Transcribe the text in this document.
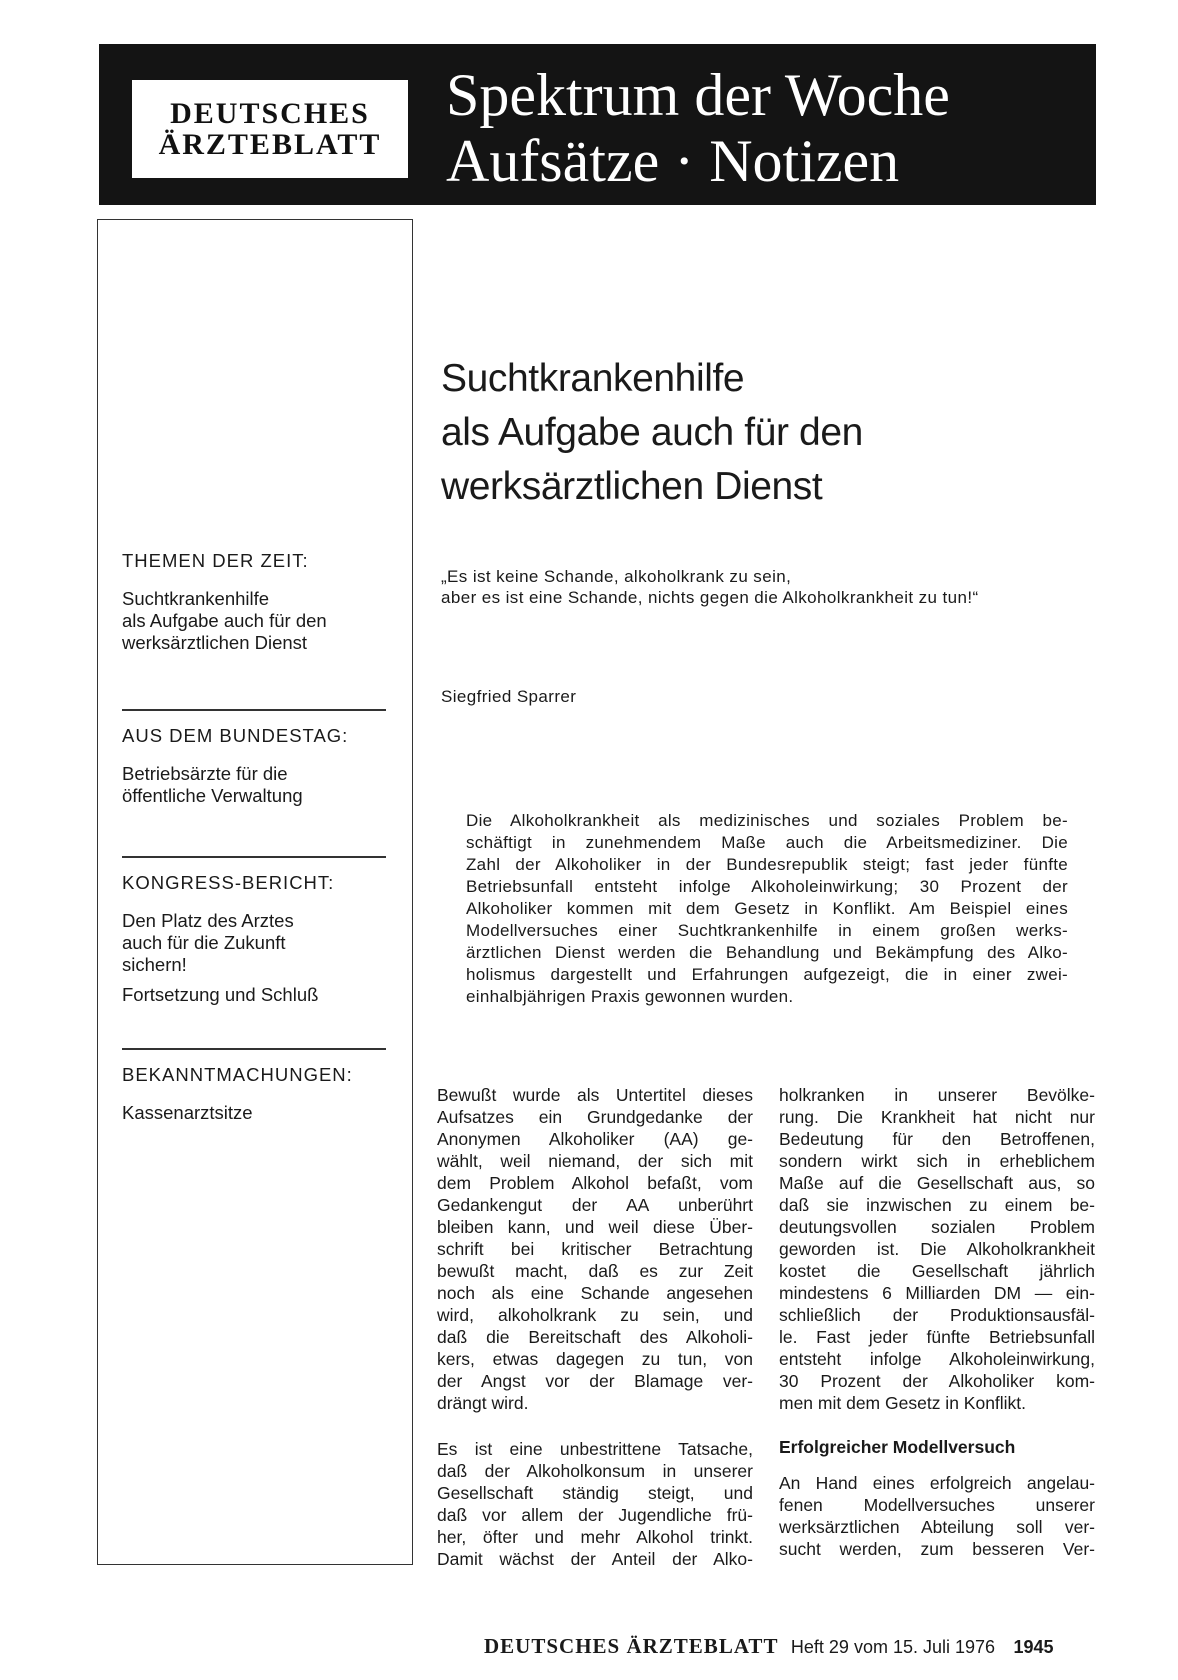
DEUTSCHES
ÄRZTEBLATT
Spektrum der Woche
Aufsätze · Notizen
THEMEN DER ZEIT:
Suchtkrankenhilfe
als Aufgabe auch für den
werksärztlichen Dienst
AUS DEM BUNDESTAG:
Betriebsärzte für die
öffentliche Verwaltung
KONGRESS-BERICHT:
Den Platz des Arztes
auch für die Zukunft
sichern!
Fortsetzung und Schluß
BEKANNTMACHUNGEN:
Kassenarztsitze
Suchtkrankenhilfe
als Aufgabe auch für den
werksärztlichen Dienst
„Es ist keine Schande, alkoholkrank zu sein,
aber es ist eine Schande, nichts gegen die Alkoholkrankheit zu tun!“
Siegfried Sparrer
Die Alkoholkrankheit als medizinisches und soziales Problem be-
schäftigt in zunehmendem Maße auch die Arbeitsmediziner. Die
Zahl der Alkoholiker in der Bundesrepublik steigt; fast jeder fünfte
Betriebsunfall entsteht infolge Alkoholeinwirkung; 30 Prozent der
Alkoholiker kommen mit dem Gesetz in Konflikt. Am Beispiel eines
Modellversuches einer Suchtkrankenhilfe in einem großen werks-
ärztlichen Dienst werden die Behandlung und Bekämpfung des Alko-
holismus dargestellt und Erfahrungen aufgezeigt, die in einer zwei-
einhalbjährigen Praxis gewonnen wurden.

Bewußt wurde als Untertitel dieses
Aufsatzes ein Grundgedanke der
Anonymen Alkoholiker (AA) ge-
wählt, weil niemand, der sich mit
dem Problem Alkohol befaßt, vom
Gedankengut der AA unberührt
bleiben kann, und weil diese Über-
schrift bei kritischer Betrachtung
bewußt macht, daß es zur Zeit
noch als eine Schande angesehen
wird, alkoholkrank zu sein, und
daß die Bereitschaft des Alkoholi-
kers, etwas dagegen zu tun, von
der Angst vor der Blamage ver-
drängt wird.

Es ist eine unbestrittene Tatsache,
daß der Alkoholkonsum in unserer
Gesellschaft ständig steigt, und
daß vor allem der Jugendliche frü-
her, öfter und mehr Alkohol trinkt.
Damit wächst der Anteil der Alko-

holkranken in unserer Bevölke-
rung. Die Krankheit hat nicht nur
Bedeutung für den Betroffenen,
sondern wirkt sich in erheblichem
Maße auf die Gesellschaft aus, so
daß sie inzwischen zu einem be-
deutungsvollen sozialen Problem
geworden ist. Die Alkoholkrankheit
kostet die Gesellschaft jährlich
mindestens 6 Milliarden DM — ein-
schließlich der Produktionsausfäl-
le. Fast jeder fünfte Betriebsunfall
entsteht infolge Alkoholeinwirkung,
30 Prozent der Alkoholiker kom-
men mit dem Gesetz in Konflikt.

Erfolgreicher Modellversuch

An Hand eines erfolgreich angelau-
fenen Modellversuches unserer
werksärztlichen Abteilung soll ver-
sucht werden, zum besseren Ver-

DEUTSCHES ÄRZTEBLATT Heft 29 vom 15. Juli 1976 1945
